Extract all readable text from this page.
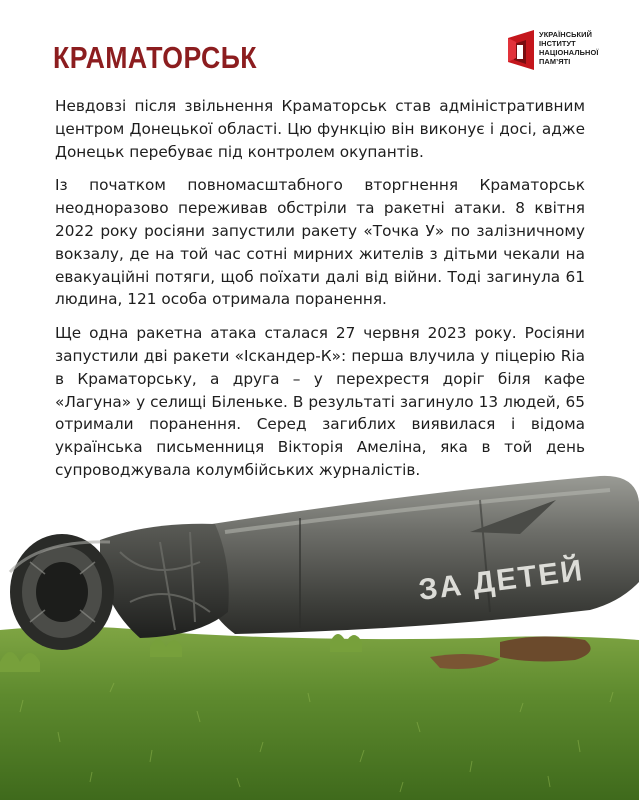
КРАМАТОРСЬК
УКРАЇНСЬКИЙ
ІНСТИТУТ
НАЦІОНАЛЬНОЇ
ПАМ’ЯТІ

Невдовзі після звільнення Краматорськ став адміністративним центром Донецької області. Цю функцію він виконує і досі, адже Донецьк перебуває під контролем окупантів.

Із початком повномасштабного вторгнення Краматорськ неодноразово переживав обстріли та ракетні атаки. 8 квітня 2022 року росіяни запустили ракету «Точка У» по залізничному вокзалу, де на той час сотні мирних жителів з дітьми чекали на евакуаційні потяги, щоб поїхати далі від війни. Тоді загинула 61 людина, 121 особа отримала поранення.

Ще одна ракетна атака сталася 27 червня 2023 року. Росіяни запустили дві ракети «Іскандер-К»: перша влучила у піцерію Ria в Краматорську, а друга – у перехрестя доріг біля кафе «Лагуна» у селищі Біленьке. В результаті загинуло 13 людей, 65 отримали поранення. Серед загиблих виявилася і відома українська письменниця Вікторія Амеліна, яка в той день супроводжувала колумбійських журналістів.

ЗА ДЕТЕЙ
